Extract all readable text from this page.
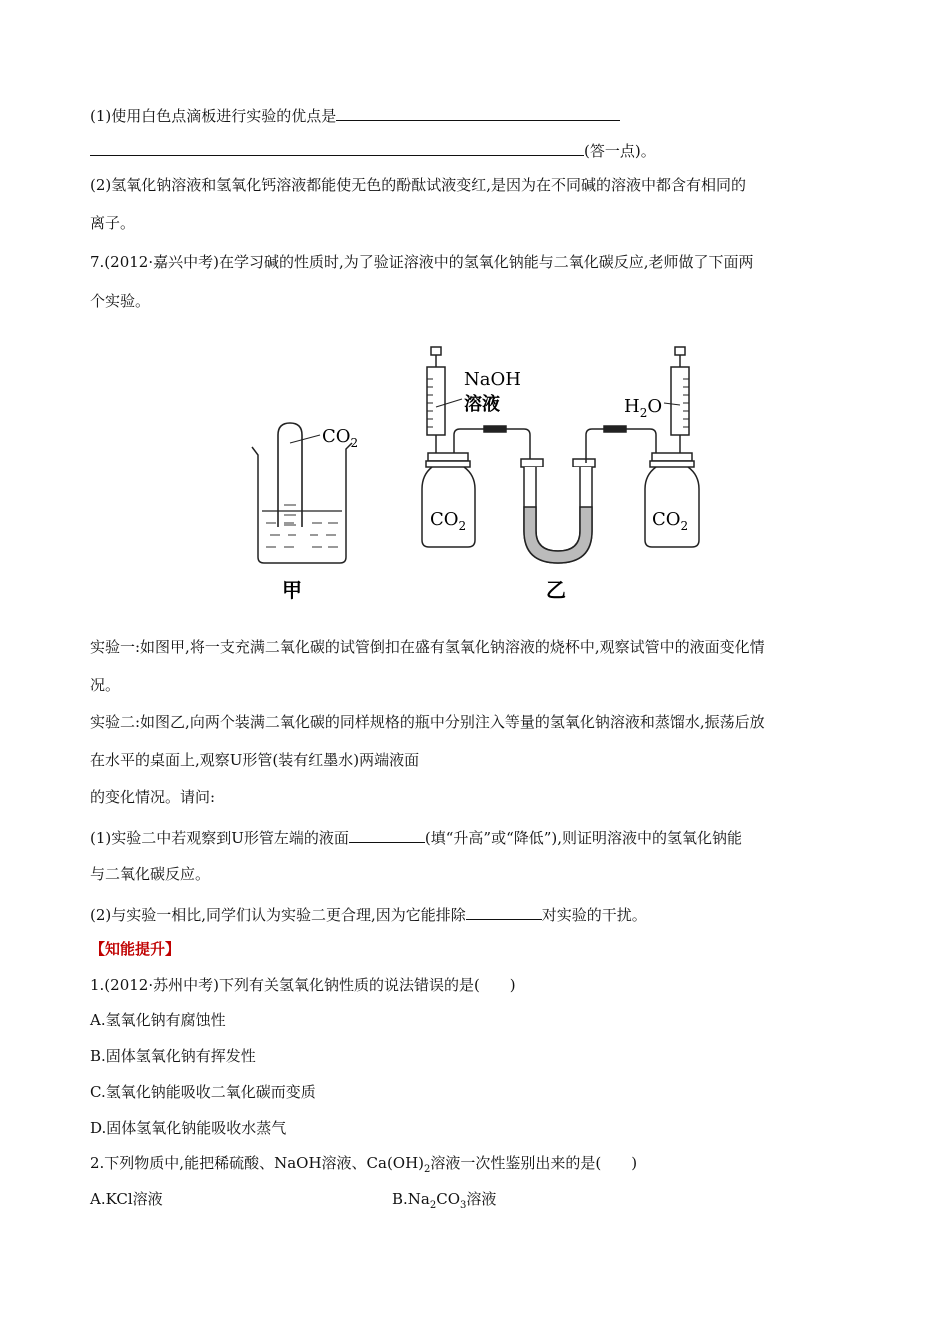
(1)使用白色点滴板进行实验的优点是
(答一点)。
(2)氢氧化钠溶液和氢氧化钙溶液都能使无色的酚酞试液变红,是因为在不同碱的溶液中都含有相同的
离子。
7.(2012·嘉兴中考)在学习碱的性质时,为了验证溶液中的氢氧化钠能与二氧化碳反应,老师做了下面两
个实验。
$CO_2$
NaOH
溶液	$H_2O$
$CO_2$	$CO_2$
甲	乙
实验一:如图甲,将一支充满二氧化碳的试管倒扣在盛有氢氧化钠溶液的烧杯中,观察试管中的液面变化情
况。
实验二:如图乙,向两个装满二氧化碳的同样规格的瓶中分别注入等量的氢氧化钠溶液和蒸馏水,振荡后放
在水平的桌面上,观察U形管(装有红墨水)两端液面
的变化情况。请问:
(1)实验二中若观察到U形管左端的液面	(填“升高”或“降低”),则证明溶液中的氢氧化钠能
与二氧化碳反应。
(2)与实验一相比,同学们认为实验二更合理,因为它能排除	对实验的干扰。
【知能提升】
1.(2012·苏州中考)下列有关氢氧化钠性质的说法错误的是(　　)
A.氢氧化钠有腐蚀性
B.固体氢氧化钠有挥发性
C.氢氧化钠能吸收二氧化碳而变质
D.固体氢氧化钠能吸收水蒸气
2.下列物质中,能把稀硫酸、NaOH溶液、$Ca(OH)_2$溶液一次性鉴别出来的是(　　)
A.KCl溶液	$B.Na_2CO_3$溶液
